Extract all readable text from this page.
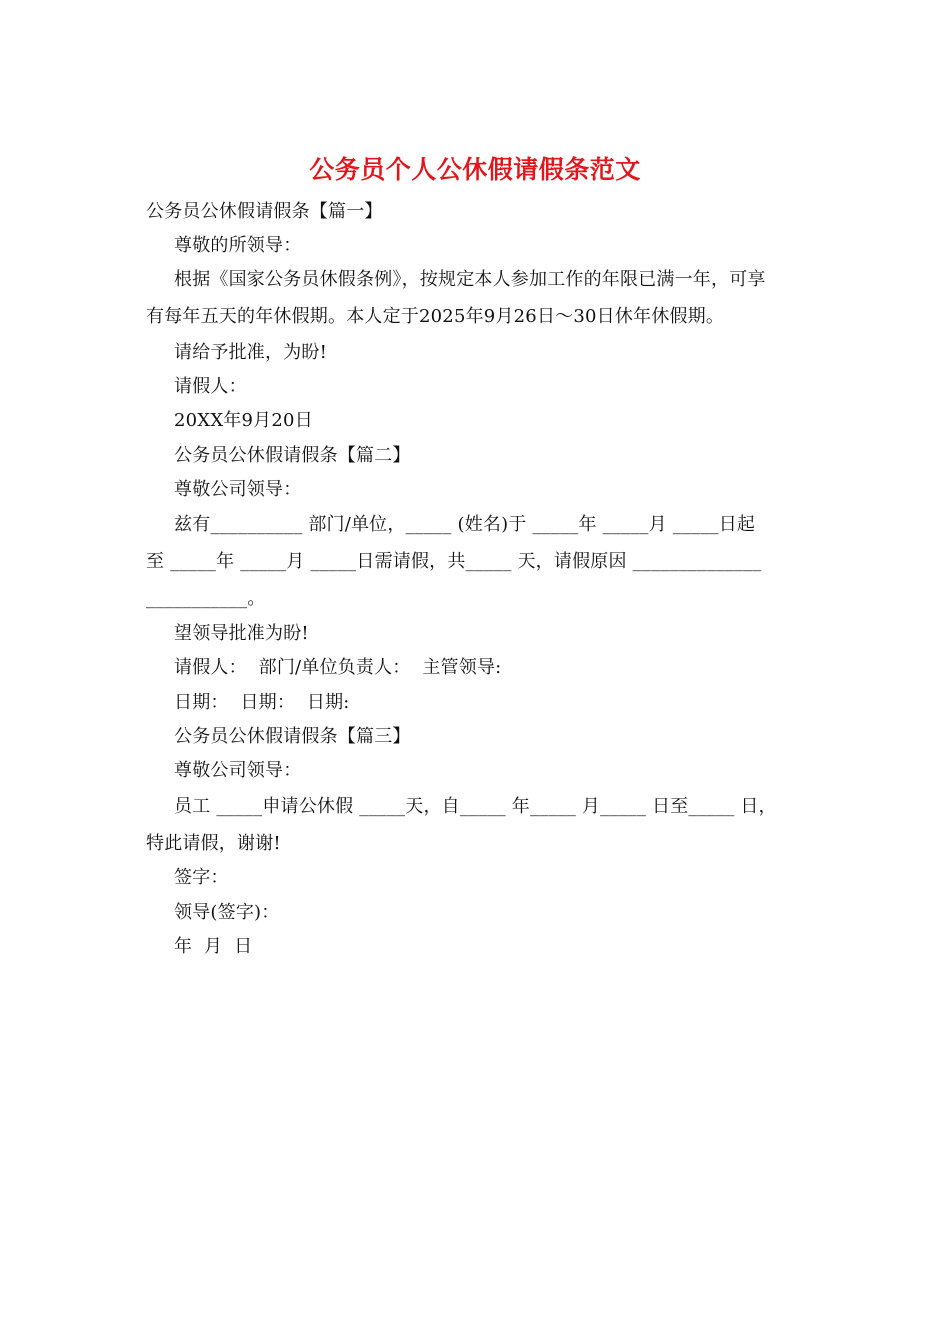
公务员个人公休假请假条范文
公务员公休假请假条【篇一】
尊敬的所领导：
根据《国家公务员休假条例》，按规定本人参加工作的年限已满一年，可享
有每年五天的年休假期。本人定于2025年9月26日～30日休年休假期。
请给予批准，为盼!
请假人：
20XX年9月20日
公务员公休假请假条【篇二】
尊敬公司领导：
兹有__________ 部门/单位，_____ (姓名)于 _____年 _____月 _____日起
至 _____年 _____月 _____日需请假，共_____ 天，请假原因 ______________
___________。
望领导批准为盼!
请假人：  部门/单位负责人：  主管领导:
日期：  日期：  日期:
公务员公休假请假条【篇三】
尊敬公司领导：
员工 _____申请公休假 _____天，自_____ 年_____ 月_____ 日至_____ 日，
特此请假，谢谢!
签字：
领导(签字)：
年  月  日
